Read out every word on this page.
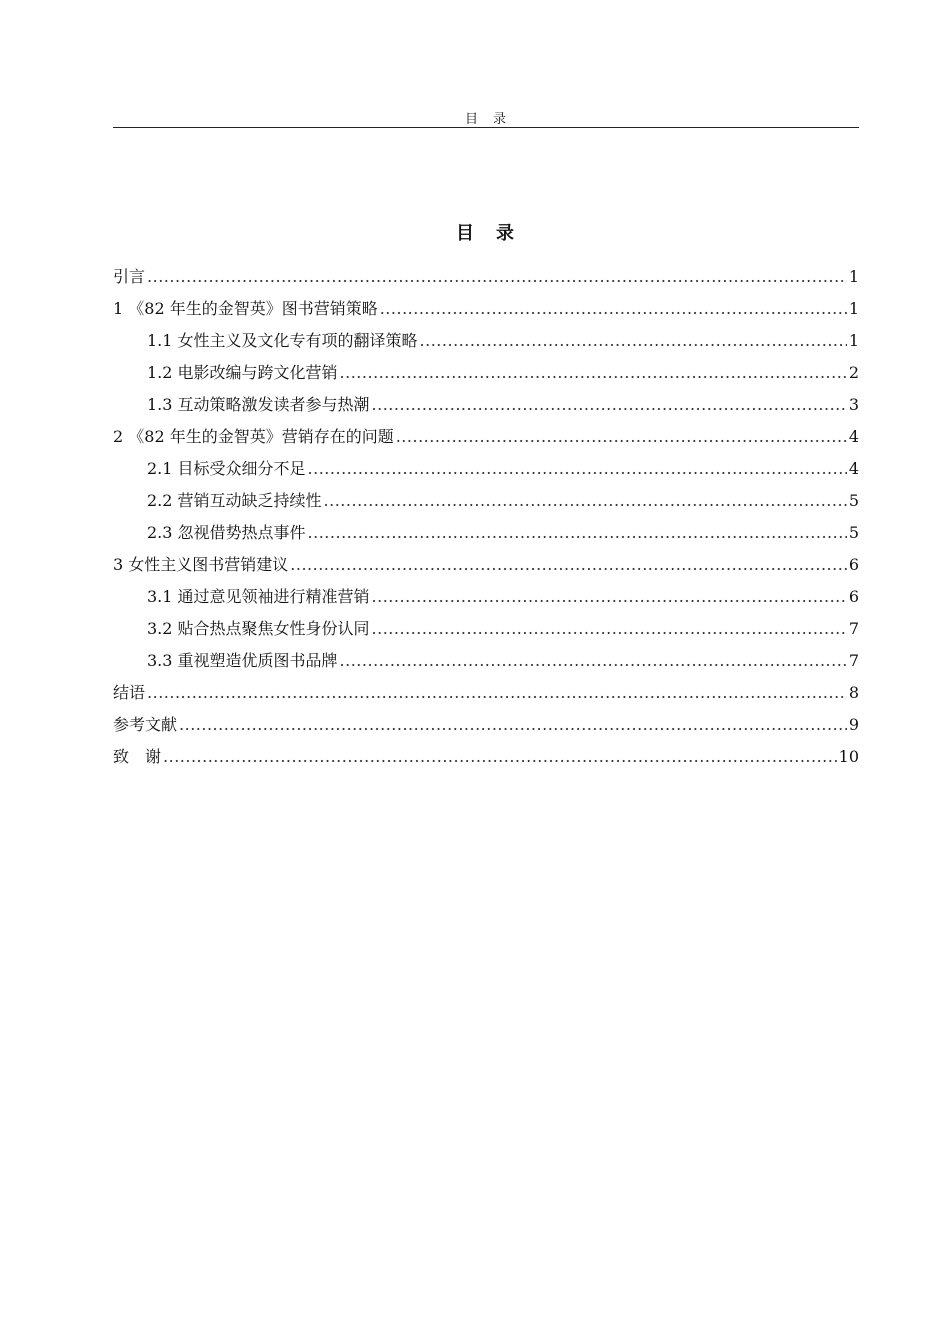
目　录
目　录
引言 .....	1
1 《82 年生的金智英》图书营销策略 .....	1
1.1 女性主义及文化专有项的翻译策略 .....	1
1.2 电影改编与跨文化营销 .....	2
1.3 互动策略激发读者参与热潮 .....	3
2 《82 年生的金智英》营销存在的问题 .....	4
2.1 目标受众细分不足 .....	4
2.2 营销互动缺乏持续性 .....	5
2.3 忽视借势热点事件 .....	5
3 女性主义图书营销建议 .....	6
3.1 通过意见领袖进行精准营销 .....	6
3.2 贴合热点聚焦女性身份认同 .....	7
3.3 重视塑造优质图书品牌 .....	7
结语 .....	8
参考文献 .....	9
致　谢 .....	10
